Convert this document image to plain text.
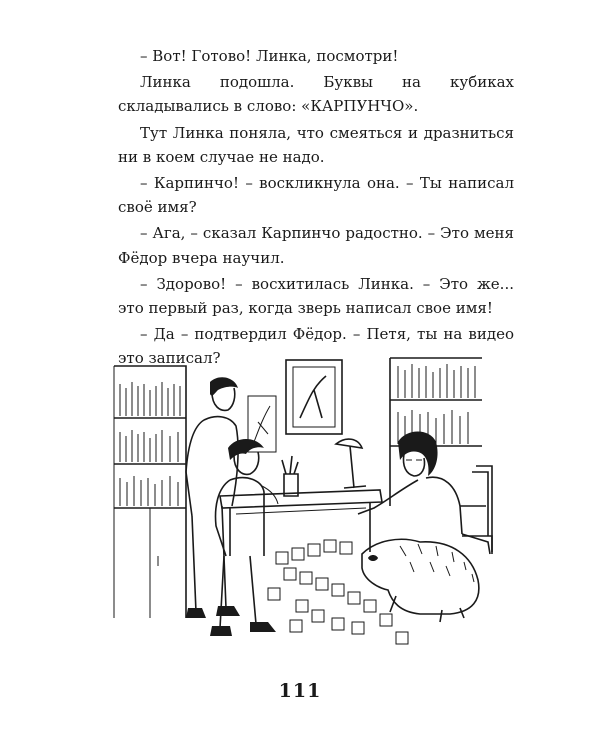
– Вот! Готово! Линка, посмотри!

Линка подошла. Буквы на кубиках складывались в слово: «КАРПУНЧО».

Тут Линка поняла, что смеяться и дразниться ни в коем случае не надо.

– Карпинчо! – воскликнула она. – Ты написал своё имя?

– Ага, – сказал Карпинчо радостно. – Это меня Фёдор вчера научил.

– Здорово! – восхитилась Линка. – Это же... это первый раз, когда зверь написал свое имя!

– Да – подтвердил Фёдор. – Петя, ты на видео это записал?

111
